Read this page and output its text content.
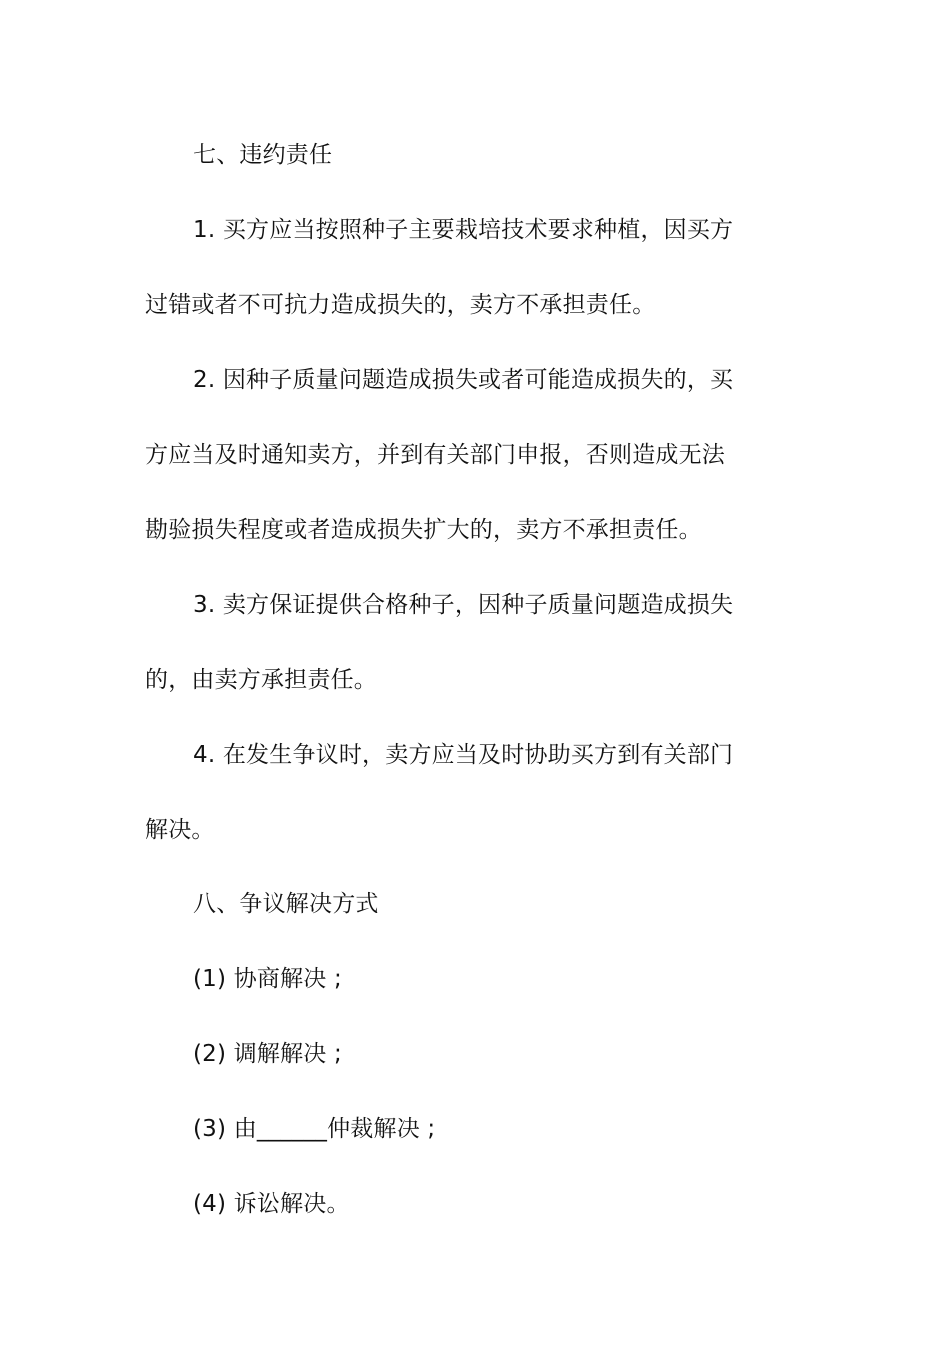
七、违约责任
1. 买方应当按照种子主要栽培技术要求种植，因买方
过错或者不可抗力造成损失的，卖方不承担责任。
2. 因种子质量问题造成损失或者可能造成损失的，买
方应当及时通知卖方，并到有关部门申报，否则造成无法
勘验损失程度或者造成损失扩大的，卖方不承担责任。
3. 卖方保证提供合格种子，因种子质量问题造成损失
的，由卖方承担责任。
4. 在发生争议时，卖方应当及时协助买方到有关部门
解决。
八、争议解决方式
(1) 协商解决 ;
(2) 调解解决 ;
(3) 由______仲裁解决 ;
(4) 诉讼解决。
